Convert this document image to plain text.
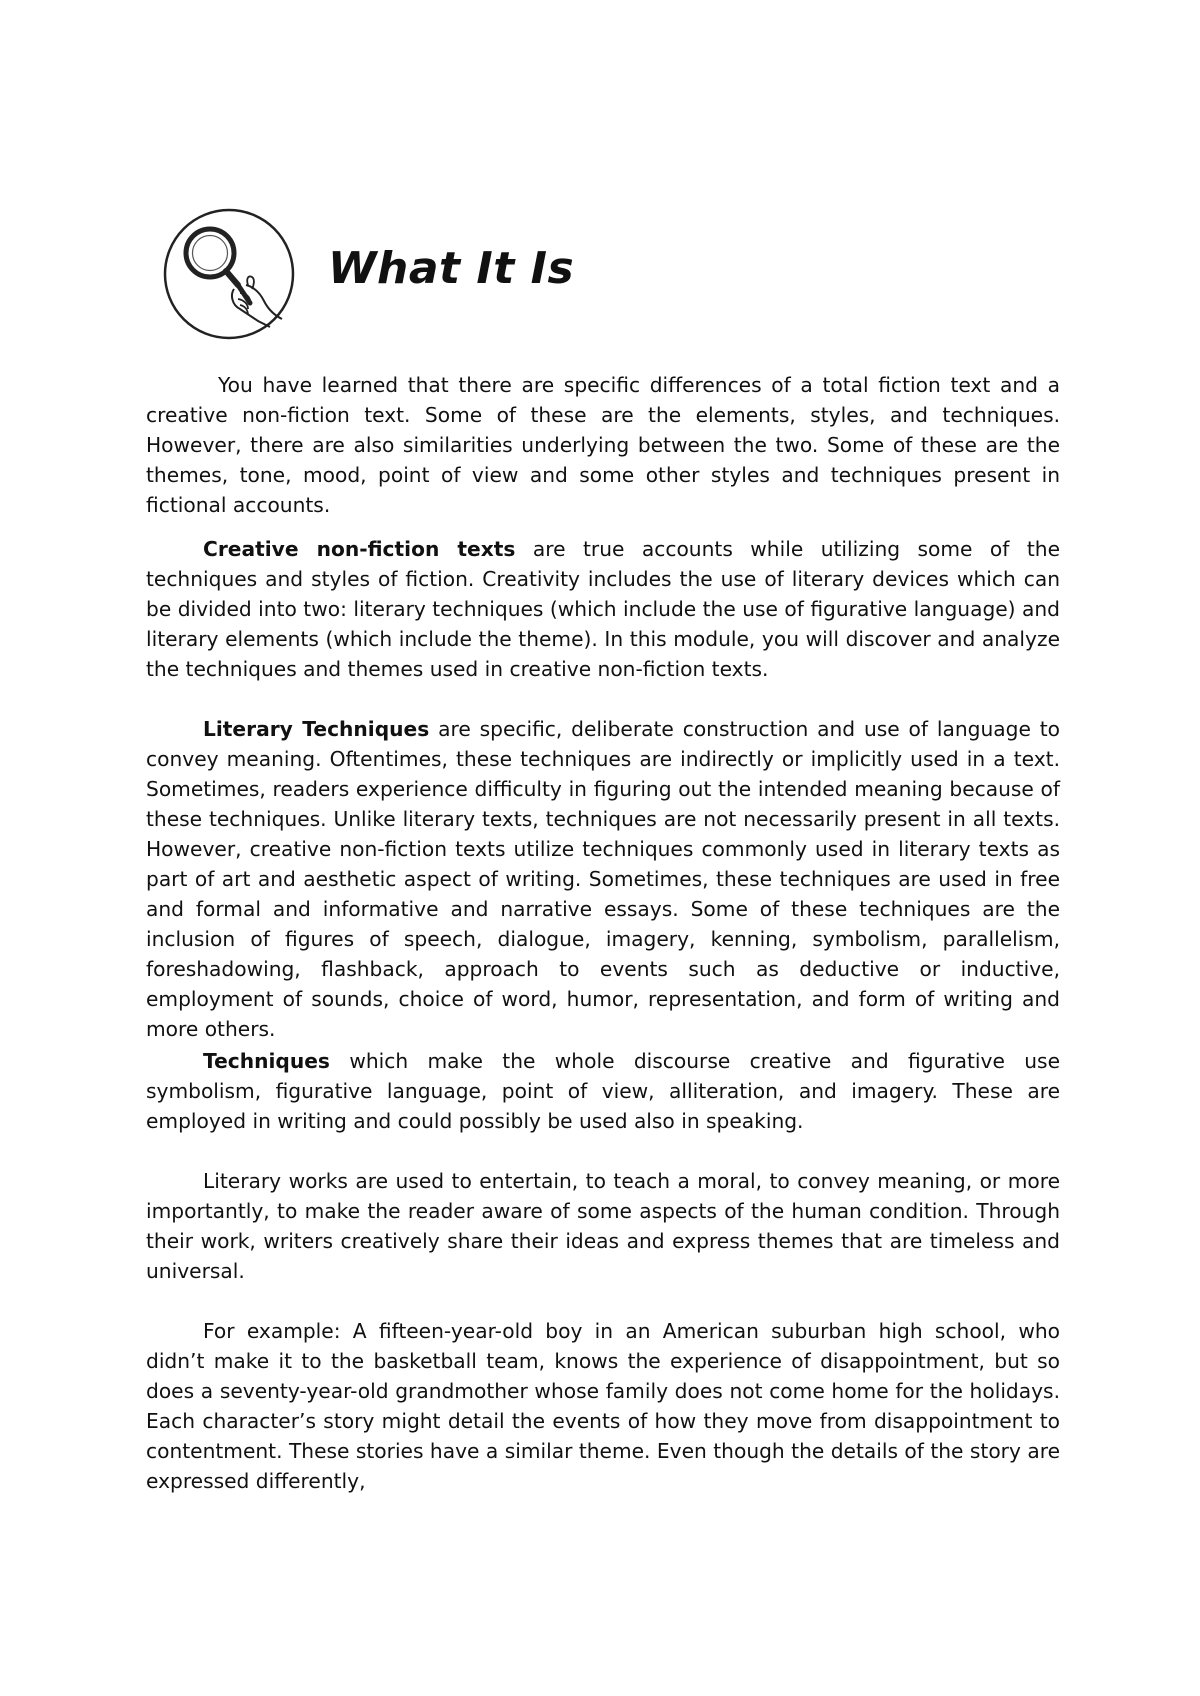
What It Is

You have learned that there are specific differences of a total fiction text and a creative non-fiction text. Some of these are the elements, styles, and techniques. However, there are also similarities underlying between the two. Some of these are the themes, tone, mood, point of view and some other styles and techniques present in fictional accounts.

Creative non-fiction texts are true accounts while utilizing some of the techniques and styles of fiction. Creativity includes the use of literary devices which can be divided into two: literary techniques (which include the use of figurative language) and literary elements (which include the theme). In this module, you will discover and analyze the techniques and themes used in creative non-fiction texts.

Literary Techniques are specific, deliberate construction and use of language to convey meaning. Oftentimes, these techniques are indirectly or implicitly used in a text. Sometimes, readers experience difficulty in figuring out the intended meaning because of these techniques. Unlike literary texts, techniques are not necessarily present in all texts. However, creative non-fiction texts utilize techniques commonly used in literary texts as part of art and aesthetic aspect of writing. Sometimes, these techniques are used in free and formal and informative and narrative essays. Some of these techniques are the inclusion of figures of speech, dialogue, imagery, kenning, symbolism, parallelism, foreshadowing, flashback, approach to events such as deductive or inductive, employment of sounds, choice of word, humor, representation, and form of writing and more others.

Techniques which make the whole discourse creative and figurative use symbolism, figurative language, point of view, alliteration, and imagery. These are employed in writing and could possibly be used also in speaking.

Literary works are used to entertain, to teach a moral, to convey meaning, or more importantly, to make the reader aware of some aspects of the human condition. Through their work, writers creatively share their ideas and express themes that are timeless and universal.

For example: A fifteen-year-old boy in an American suburban high school, who didn’t make it to the basketball team, knows the experience of disappointment, but so does a seventy-year-old grandmother whose family does not come home for the holidays. Each character’s story might detail the events of how they move from disappointment to contentment. These stories have a similar theme. Even though the details of the story are expressed differently,
